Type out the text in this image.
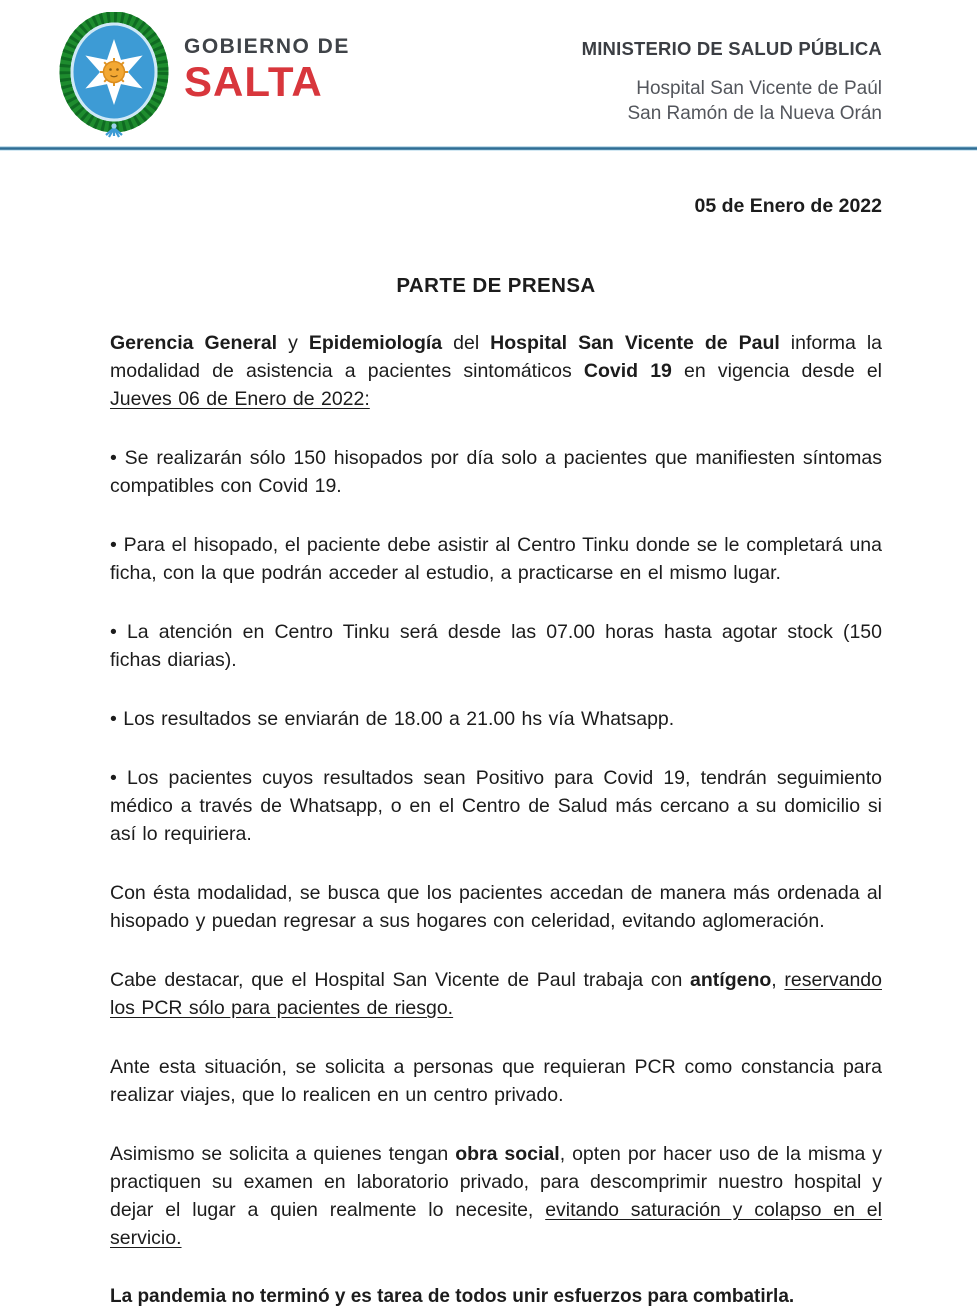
GOBIERNO DE
SALTA
MINISTERIO DE SALUD PÚBLICA
Hospital San Vicente de Paúl
San Ramón de la Nueva Orán
05 de Enero de 2022
PARTE DE PRENSA

Gerencia General y Epidemiología del Hospital San Vicente de Paul informa la modalidad de asistencia a pacientes sintomáticos Covid 19 en vigencia desde el Jueves 06 de Enero de 2022:

• Se realizarán sólo 150 hisopados por día solo a pacientes que manifiesten síntomas compatibles con Covid 19.

• Para el hisopado, el paciente debe asistir al Centro Tinku donde se le completará una ficha, con la que podrán acceder al estudio, a practicarse en el mismo lugar.

• La atención en Centro Tinku será desde las 07.00 horas hasta agotar stock (150 fichas diarias).

• Los resultados se enviarán de 18.00 a 21.00 hs vía Whatsapp.

• Los pacientes cuyos resultados sean Positivo para Covid 19, tendrán seguimiento médico a través de Whatsapp, o en el Centro de Salud más cercano a su domicilio si así lo requiriera.

Con ésta modalidad, se busca que los pacientes accedan de manera más ordenada al hisopado y puedan regresar a sus hogares con celeridad, evitando aglomeración.

Cabe destacar, que el Hospital San Vicente de Paul trabaja con antígeno, reservando los PCR sólo para pacientes de riesgo.

Ante esta situación, se solicita a personas que requieran PCR como constancia para realizar viajes, que lo realicen en un centro privado.

Asimismo se solicita a quienes tengan obra social, opten por hacer uso de la misma y practiquen su examen en laboratorio privado, para descomprimir nuestro hospital y dejar el lugar a quien realmente lo necesite, evitando saturación y colapso en el servicio.

La pandemia no terminó y es tarea de todos unir esfuerzos para combatirla.
